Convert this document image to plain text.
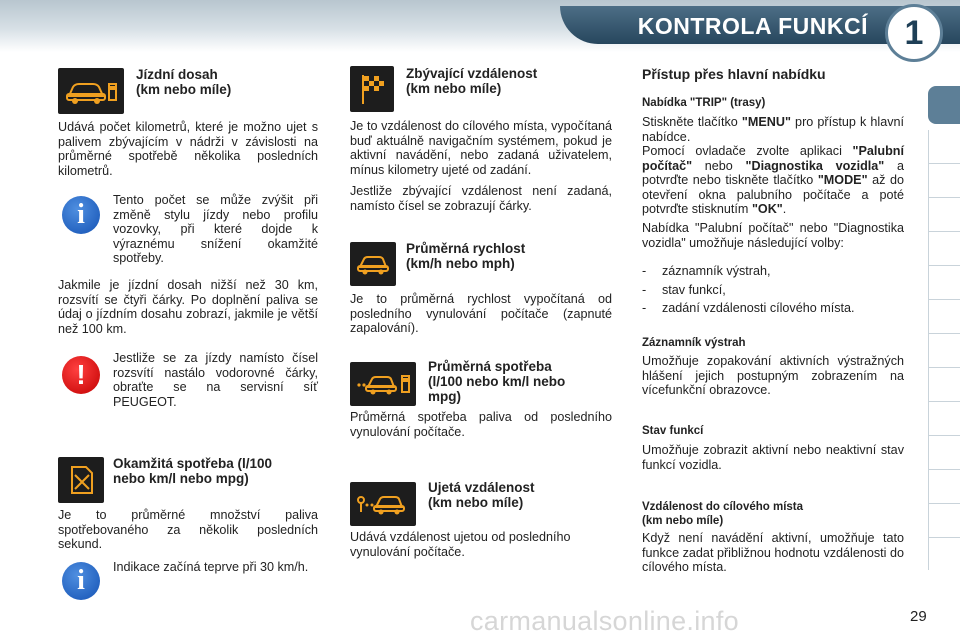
KONTROLA FUNKCÍ	1
Jízdní dosah
(km nebo míle)
Udává počet kilometrů, které je možno ujet s palivem zbývajícím v nádrži v závislosti na průměrné spotřebě několika posledních kilometrů.
i	Tento počet se může zvýšit při změně stylu jízdy nebo profilu vozovky, při které dojde k výraznému snížení okamžité spotřeby.
Jakmile je jízdní dosah nižší než 30 km, rozsvítí se čtyři čárky. Po doplnění paliva se údaj o jízdním dosahu zobrazí, jakmile je větší než 100 km.
!
Jestliže se za jízdy namísto čísel rozsvítí nastálo vodorovné čárky, obraťte se na servisní síť PEUGEOT.
Okamžitá spotřeba (l/100
nebo km/l nebo mpg)
Je to průměrné množství paliva spotřebovaného za několik posledních sekund.
i	Indikace začíná teprve při 30 km/h.
Zbývající vzdálenost
(km nebo míle)
Je to vzdálenost do cílového místa, vypočítaná buď aktuálně navigačním systémem, pokud je aktivní navádění, nebo zadaná uživatelem, mínus kilometry ujeté od zadání.
Jestliže zbývající vzdálenost není zadaná, namísto čísel se zobrazují čárky.
Průměrná rychlost
(km/h nebo mph)
Je to průměrná rychlost vypočítaná od posledního vynulování počítače (zapnuté zapalování).
Průměrná spotřeba
(l/100 nebo km/l nebo
mpg)
Průměrná spotřeba paliva od posledního vynulování počítače.
Ujetá vzdálenost
(km nebo míle)
Udává vzdálenost ujetou od posledního vynulování počítače.
Přístup přes hlavní nabídku
Nabídka "TRIP" (trasy)
Stiskněte tlačítko "MENU" pro přístup k hlavní nabídce.
Pomocí ovladače zvolte aplikaci "Palubní počítač" nebo "Diagnostika vozidla" a potvrďte nebo tiskněte tlačítko "MODE" až do otevření okna palubního počítače a poté potvrďte stisknutím "OK".
Nabídka "Palubní počítač" nebo "Diagnostika vozidla" umožňuje následující volby:
-	záznamník výstrah,
-	stav funkcí,
-	zadání vzdálenosti cílového místa.
Záznamník výstrah
Umožňuje zopakování aktivních výstražných hlášení jejich postupným zobrazením na vícefunkční obrazovce.
Stav funkcí
Umožňuje zobrazit aktivní nebo neaktivní stav funkcí vozidla.
Vzdálenost do cílového místa
(km nebo míle)
Když není navádění aktivní, umožňuje tato funkce zadat přibližnou hodnotu vzdálenosti do cílového místa.
carmanualsonline.info	29
